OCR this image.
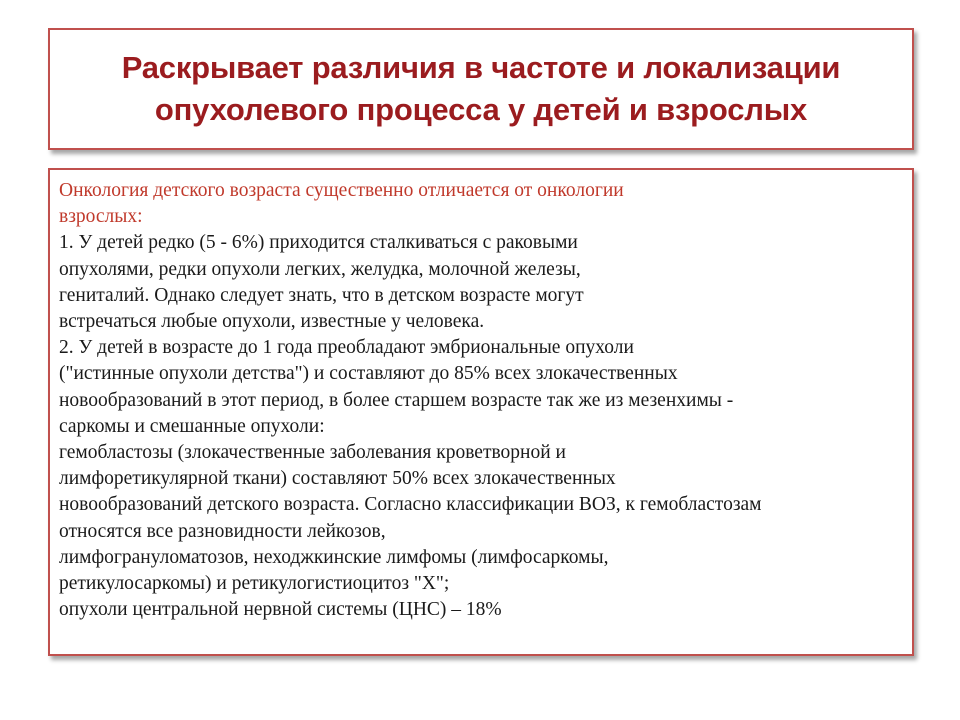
Раскрывает различия в частоте и локализации
опухолевого процесса у детей и взрослых
Онкология детского возраста существенно отличается от онкологии
взрослых:
1. У детей редко (5 - 6%) приходится сталкиваться с раковыми
опухолями, редки опухоли легких, желудка, молочной железы,
гениталий. Однако следует знать, что в детском возрасте могут
встречаться любые опухоли, известные у человека.
2. У детей в возрасте до 1 года преобладают эмбриональные опухоли
("истинные опухоли детства") и составляют до 85% всех злокачественных
новообразований в этот период, в более старшем возрасте так же из мезенхимы -
саркомы и смешанные опухоли:
гемобластозы (злокачественные заболевания кроветворной и
лимфоретикулярной ткани) составляют 50% всех злокачественных
новообразований детского возраста. Согласно классификации ВОЗ, к гемобластозам
относятся все разновидности лейкозов,
лимфогрануломатозов, неходжкинские лимфомы (лимфосаркомы,
ретикулосаркомы) и ретикулогистиоцитоз "Х";
опухоли центральной нервной системы (ЦНС) – 18%
